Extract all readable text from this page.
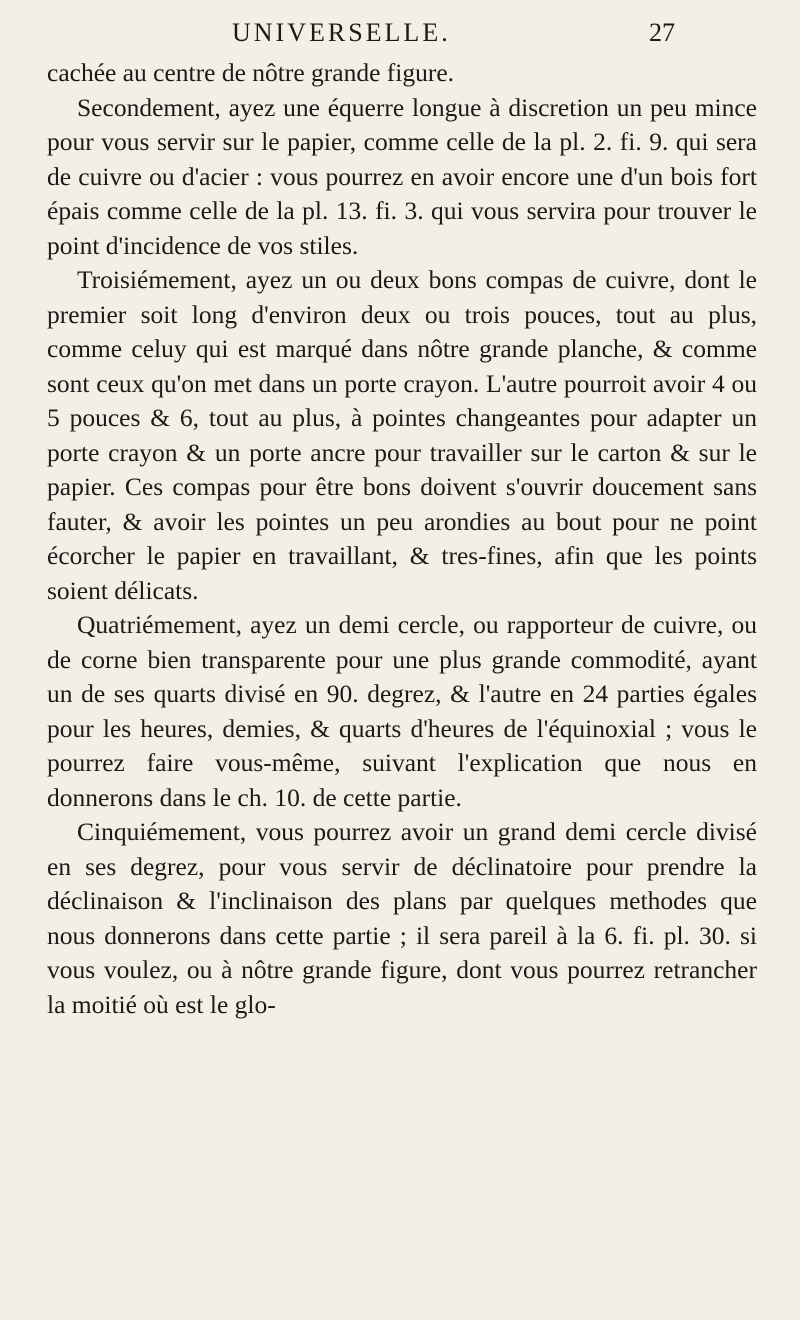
UNIVERSELLE.	27

cachée au centre de nôtre grande figure.

Secondement, ayez une équerre longue à discretion un peu mince pour vous servir sur le papier, comme celle de la pl. 2. fi. 9. qui sera de cuivre ou d'acier : vous pourrez en avoir encore une d'un bois fort épais comme celle de la pl. 13. fi. 3. qui vous servira pour trouver le point d'incidence de vos stiles.

Troisiémement, ayez un ou deux bons compas de cuivre, dont le premier soit long d'environ deux ou trois pouces, tout au plus, comme celuy qui est marqué dans nôtre grande planche, & comme sont ceux qu'on met dans un porte crayon. L'autre pourroit avoir 4 ou 5 pouces & 6, tout au plus, à pointes changeantes pour adapter un porte crayon & un porte ancre pour travailler sur le carton & sur le papier. Ces compas pour être bons doivent s'ouvrir doucement sans fauter, & avoir les pointes un peu arondies au bout pour ne point écorcher le papier en travaillant, & tres-fines, afin que les points soient délicats.

Quatriémement, ayez un demi cercle, ou rapporteur de cuivre, ou de corne bien transparente pour une plus grande commodité, ayant un de ses quarts divisé en 90. degrez, & l'autre en 24 parties égales pour les heures, demies, & quarts d'heures de l'équinoxial ; vous le pourrez faire vous-même, suivant l'explication que nous en donnerons dans le ch. 10. de cette partie.

Cinquiémement, vous pourrez avoir un grand demi cercle divisé en ses degrez, pour vous servir de déclinatoire pour prendre la déclinaison & l'inclinaison des plans par quelques methodes que nous donnerons dans cette partie ; il sera pareil à la 6. fi. pl. 30. si vous voulez, ou à nôtre grande figure, dont vous pourrez retrancher la moitié où est le glo-
